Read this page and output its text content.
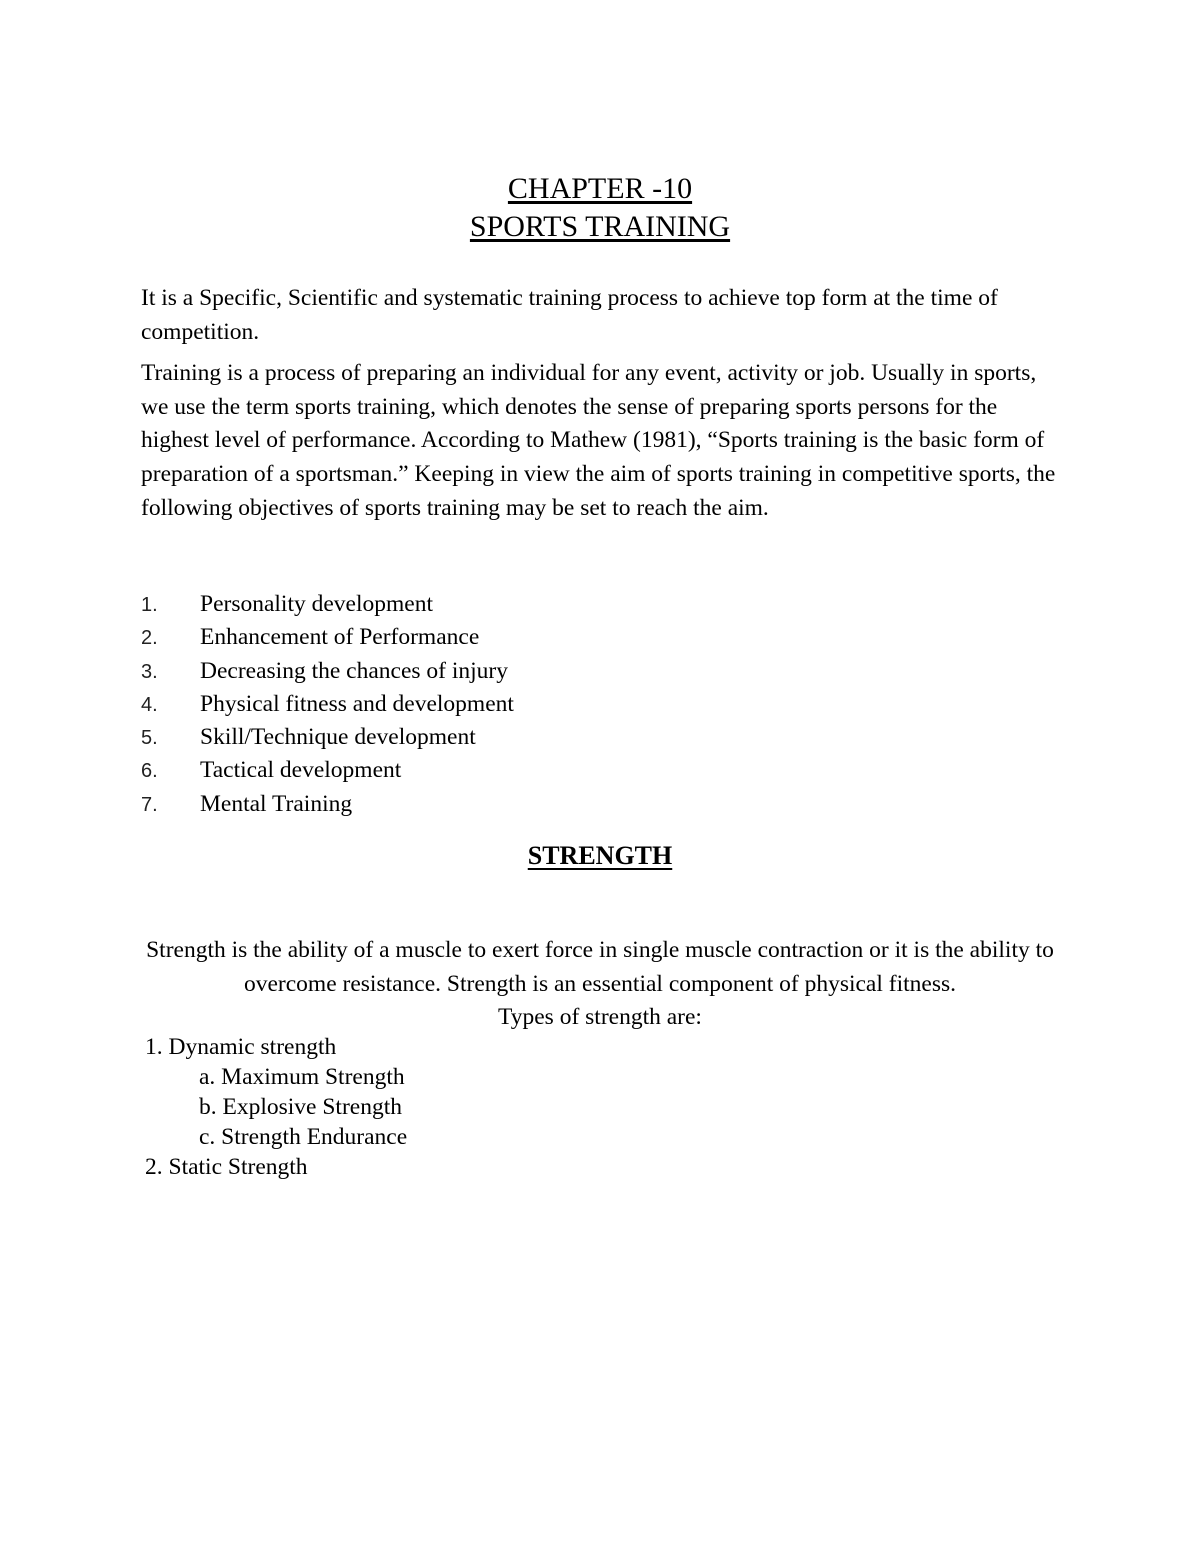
CHAPTER -10
SPORTS TRAINING

It is a Specific, Scientific and systematic training process to achieve top form at the time of competition.

Training is a process of preparing an individual for any event, activity or job. Usually in sports, we use the term sports training, which denotes the sense of preparing sports persons for the highest level of performance. According to Mathew (1981), “Sports training is the basic form of preparation of a sportsman.” Keeping in view the aim of sports training in competitive sports, the following objectives of sports training may be set to reach the aim.

1.	Personality development
2.	Enhancement of Performance
3.	Decreasing the chances of injury
4.	Physical fitness and development
5.	Skill/Technique development
6.	Tactical development
7.	Mental Training
STRENGTH

Strength is the ability of a muscle to exert force in single muscle contraction or it is the ability to overcome resistance. Strength is an essential component of physical fitness.

Types of strength are:
1. Dynamic strength
a. Maximum Strength
b. Explosive Strength
c. Strength Endurance
2. Static Strength
